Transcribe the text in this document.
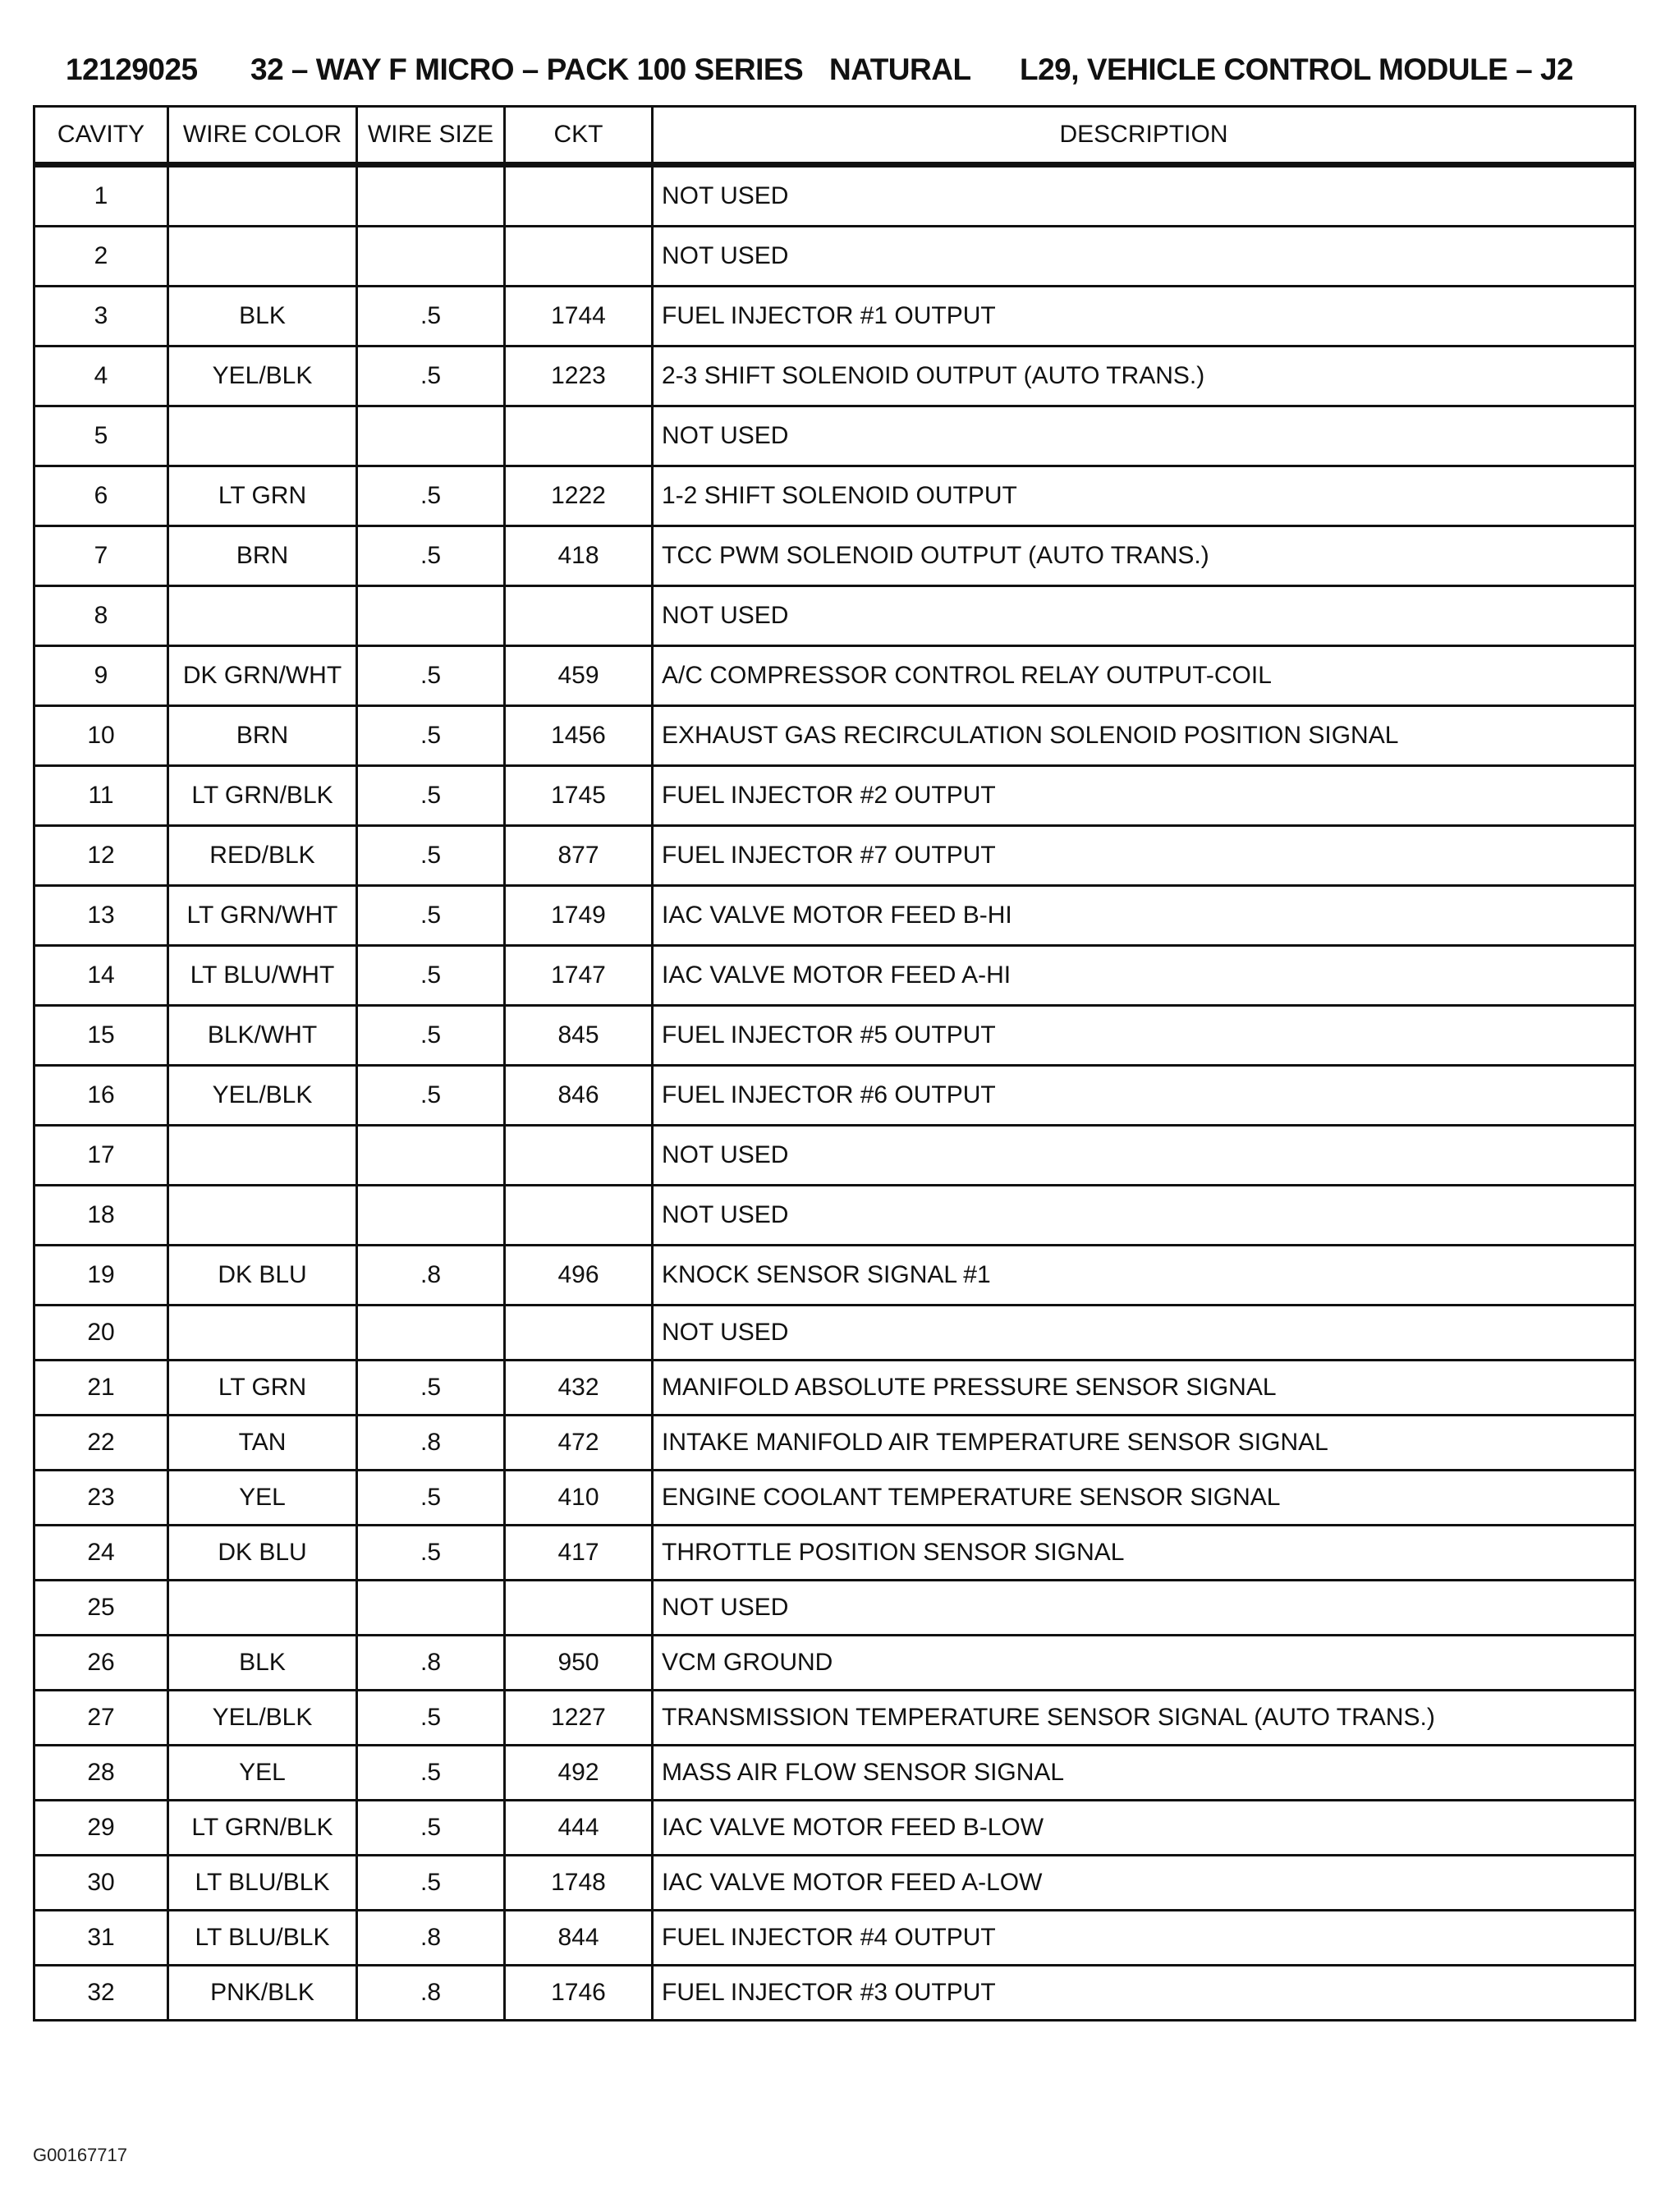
12129025 32 – WAY F MICRO – PACK 100 SERIES NATURAL L29, VEHICLE CONTROL MODULE – J2
CAVITY	WIRE COLOR	WIRE SIZE	CKT	DESCRIPTION
1				NOT USED
2				NOT USED
3	BLK	.5	1744	FUEL INJECTOR #1 OUTPUT
4	YEL/BLK	.5	1223	2-3 SHIFT SOLENOID OUTPUT (AUTO TRANS.)
5				NOT USED
6	LT GRN	.5	1222	1-2 SHIFT SOLENOID OUTPUT
7	BRN	.5	418	TCC PWM SOLENOID OUTPUT (AUTO TRANS.)
8				NOT USED
9	DK GRN/WHT	.5	459	A/C COMPRESSOR CONTROL RELAY OUTPUT-COIL
10	BRN	.5	1456	EXHAUST GAS RECIRCULATION SOLENOID POSITION SIGNAL
11	LT GRN/BLK	.5	1745	FUEL INJECTOR #2 OUTPUT
12	RED/BLK	.5	877	FUEL INJECTOR #7 OUTPUT
13	LT GRN/WHT	.5	1749	IAC VALVE MOTOR FEED B-HI
14	LT BLU/WHT	.5	1747	IAC VALVE MOTOR FEED A-HI
15	BLK/WHT	.5	845	FUEL INJECTOR #5 OUTPUT
16	YEL/BLK	.5	846	FUEL INJECTOR #6 OUTPUT
17				NOT USED
18				NOT USED
19	DK BLU	.8	496	KNOCK SENSOR SIGNAL #1
20				NOT USED
21	LT GRN	.5	432	MANIFOLD ABSOLUTE PRESSURE SENSOR SIGNAL
22	TAN	.8	472	INTAKE MANIFOLD AIR TEMPERATURE SENSOR SIGNAL
23	YEL	.5	410	ENGINE COOLANT TEMPERATURE SENSOR SIGNAL
24	DK BLU	.5	417	THROTTLE POSITION SENSOR SIGNAL
25				NOT USED
26	BLK	.8	950	VCM GROUND
27	YEL/BLK	.5	1227	TRANSMISSION TEMPERATURE SENSOR SIGNAL (AUTO TRANS.)
28	YEL	.5	492	MASS AIR FLOW SENSOR SIGNAL
29	LT GRN/BLK	.5	444	IAC VALVE MOTOR FEED B-LOW
30	LT BLU/BLK	.5	1748	IAC VALVE MOTOR FEED A-LOW
31	LT BLU/BLK	.8	844	FUEL INJECTOR #4 OUTPUT
32	PNK/BLK	.8	1746	FUEL INJECTOR #3 OUTPUT
G00167717
